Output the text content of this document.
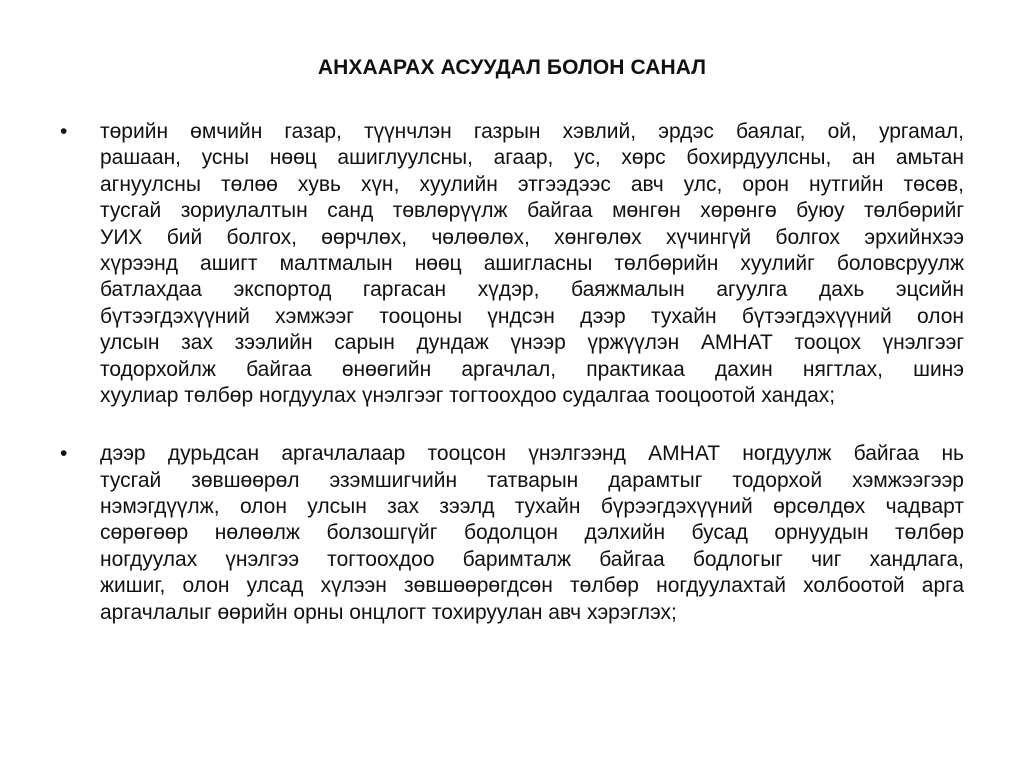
АНХААРАХ АСУУДАЛ БОЛОН САНАЛ
• төрийн өмчийн газар, түүнчлэн газрын хэвлий, эрдэс баялаг, ой, ургамал,
рашаан, усны нөөц ашиглуулсны, агаар, ус, хөрс бохирдуулсны, ан амьтан
агнуулсны төлөө хувь хүн, хуулийн этгээдээс авч улс, орон нутгийн төсөв,
тусгай зориулалтын санд төвлөрүүлж байгаа мөнгөн хөрөнгө буюу төлбөрийг
УИХ бий болгох, өөрчлөх, чөлөөлөх, хөнгөлөх хүчингүй болгох эрхийнхээ
хүрээнд ашигт малтмалын нөөц ашигласны төлбөрийн хуулийг боловсруулж
батлахдаа экспортод гаргасан хүдэр, баяжмалын агуулга дахь эцсийн
бүтээгдэхүүний хэмжээг тооцоны үндсэн дээр тухайн бүтээгдэхүүний олон
улсын зах зээлийн сарын дундаж үнээр үржүүлэн АМНАТ тооцох үнэлгээг
тодорхойлж байгаа өнөөгийн аргачлал, практикаа дахин нягтлах, шинэ
хуулиар төлбөр ногдуулах үнэлгээг тогтоохдоо судалгаа тооцоотой хандах;
• дээр дурьдсан аргачлалаар тооцсон үнэлгээнд АМНАТ ногдуулж байгаа нь
тусгай зөвшөөрөл эзэмшигчийн татварын дарамтыг тодорхой хэмжээгээр
нэмэгдүүлж, олон улсын зах зээлд тухайн бүрээгдэхүүний өрсөлдөх чадварт
сөрөгөөр нөлөөлж болзошгүйг бодолцон дэлхийн бусад орнуудын төлбөр
ногдуулах үнэлгээ тогтоохдоо баримталж байгаа бодлогыг чиг хандлага,
жишиг, олон улсад хүлээн зөвшөөрөгдсөн төлбөр ногдуулахтай холбоотой арга
аргачлалыг өөрийн орны онцлогт тохируулан авч хэрэглэх;
